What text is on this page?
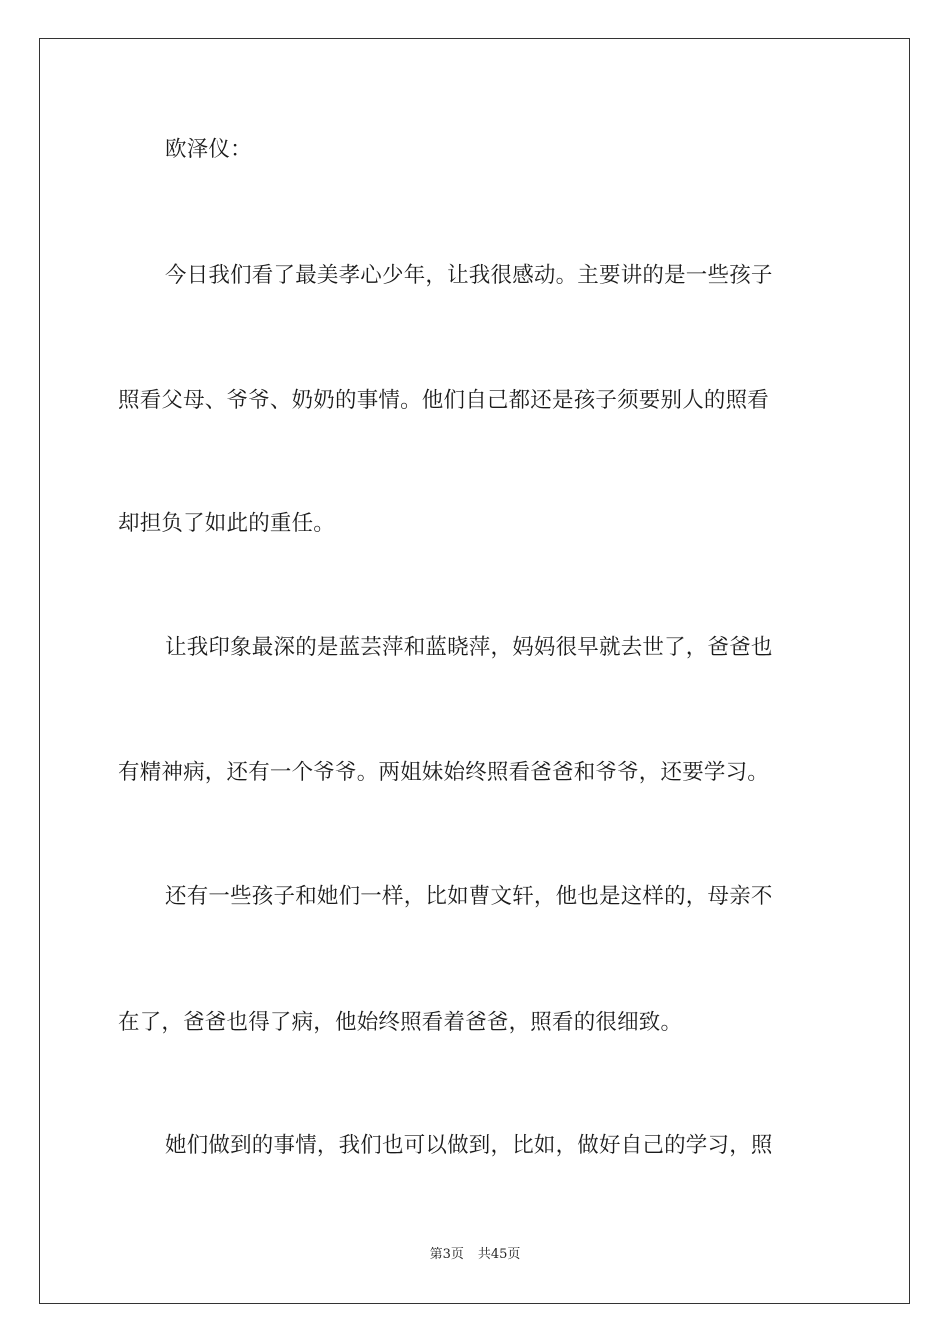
欧泽仪：
今日我们看了最美孝心少年，让我很感动。主要讲的是一些孩子
照看父母、爷爷、奶奶的事情。他们自己都还是孩子须要别人的照看
却担负了如此的重任。
让我印象最深的是蓝芸萍和蓝晓萍，妈妈很早就去世了，爸爸也
有精神病，还有一个爷爷。两姐妹始终照看爸爸和爷爷，还要学习。
还有一些孩子和她们一样，比如曹文轩，他也是这样的，母亲不
在了，爸爸也得了病，他始终照看着爸爸，照看的很细致。
她们做到的事情，我们也可以做到，比如，做好自己的学习，照
第3页 共45页
